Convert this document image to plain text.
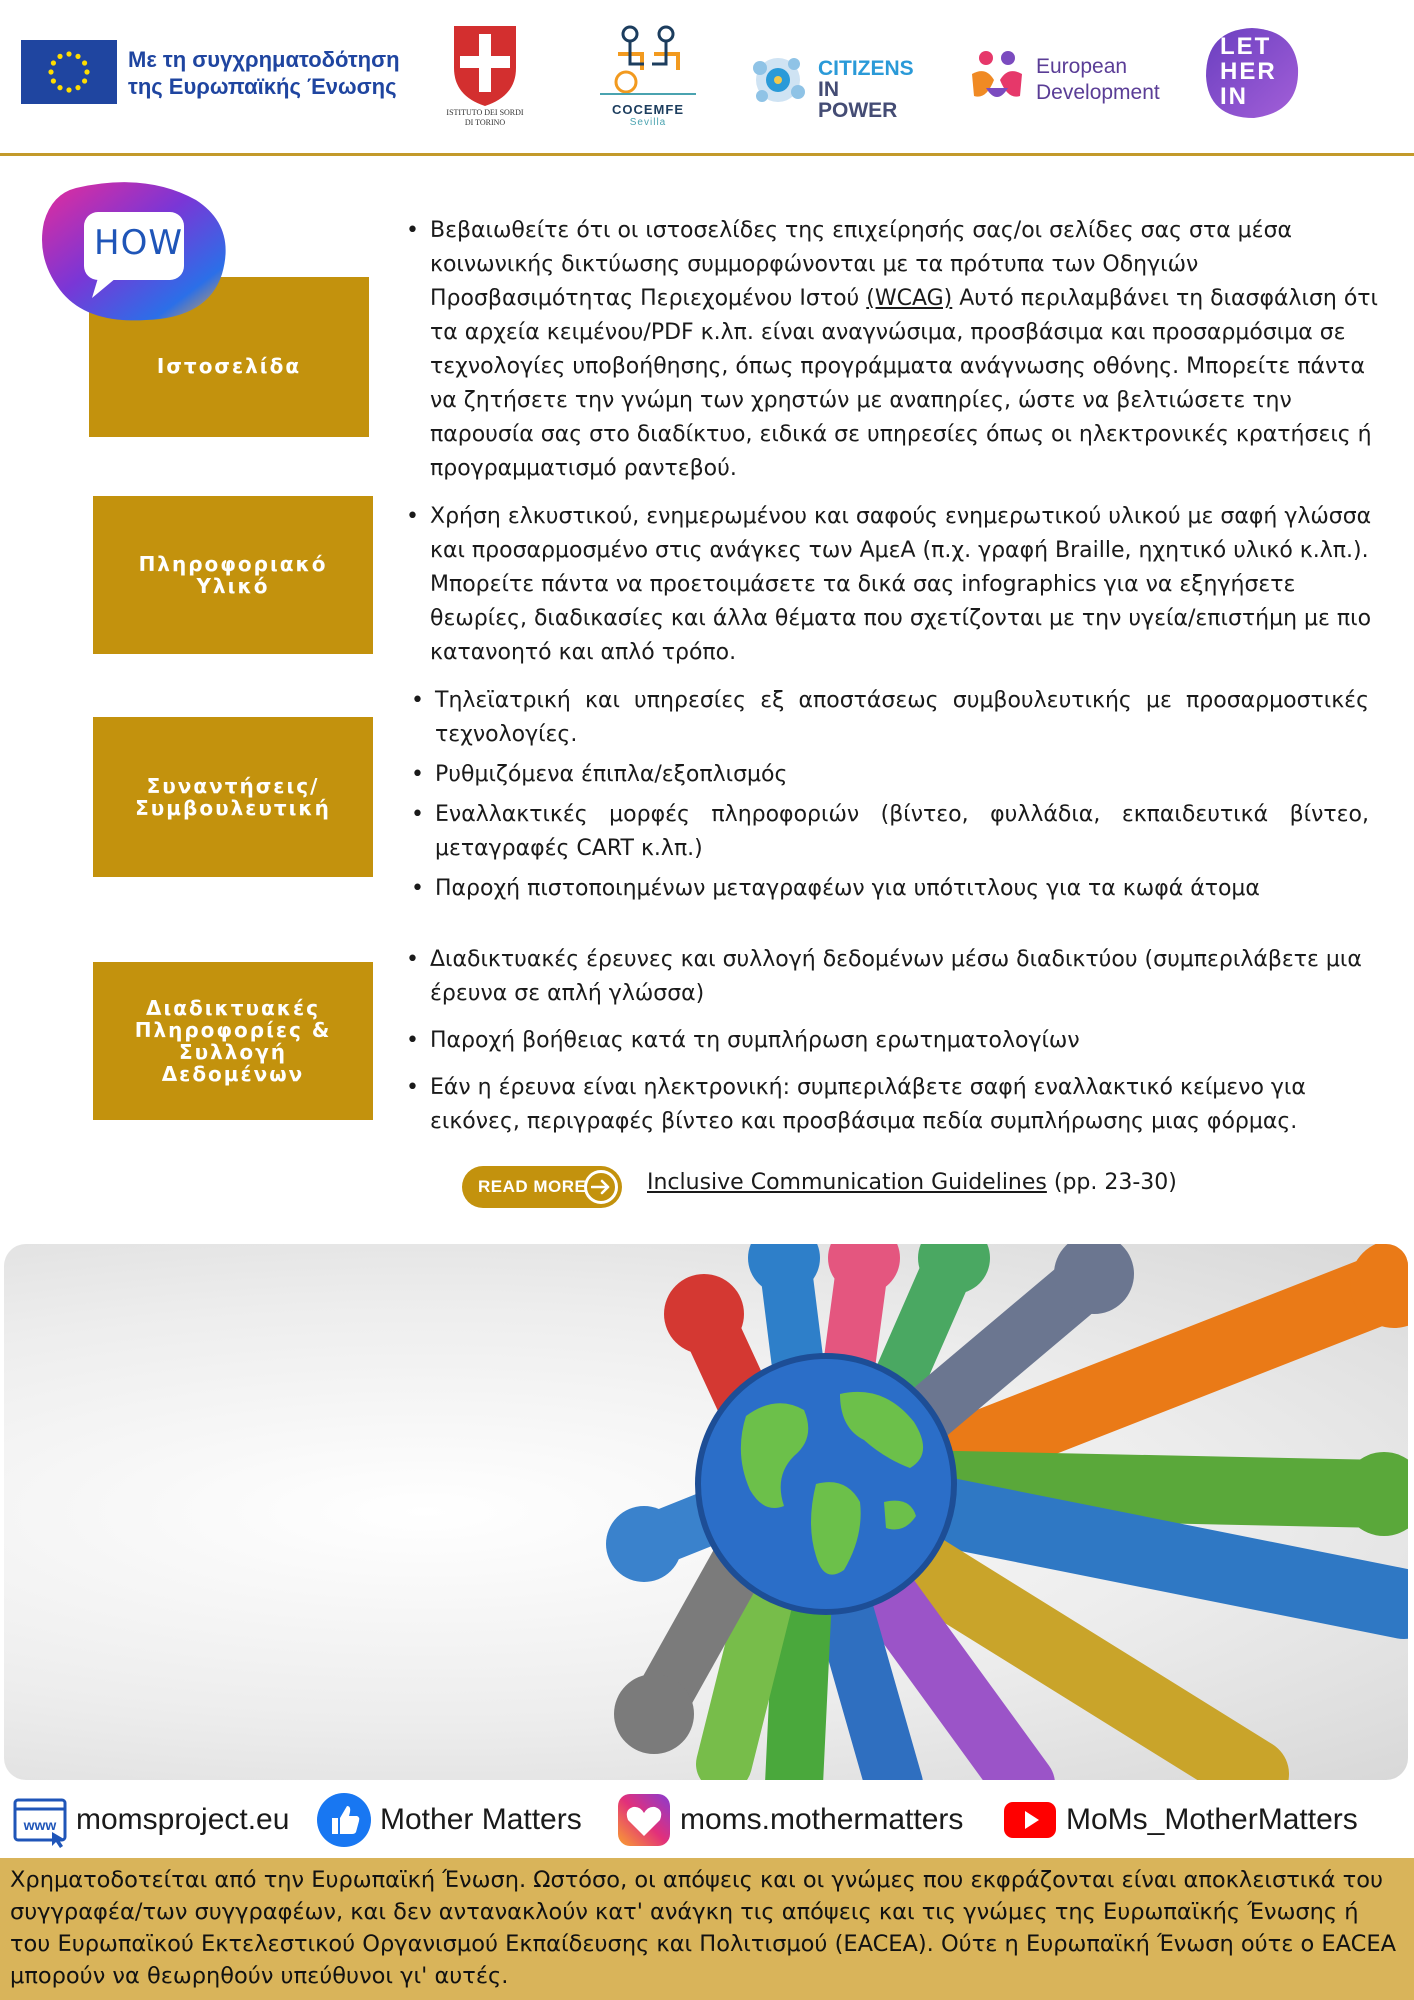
Με τη συγχρηματοδότηση
της Ευρωπαϊκής Ένωσης
ISTITUTO DEI SORDI
DI TORINO
COCEMFE
Sevilla
CITIZENS
IN POWER
European
Development
LET
HER
IN
HOW
Ιστοσελίδα
• Βεβαιωθείτε ότι οι ιστοσελίδες της επιχείρησής σας/οι σελίδες σας στα μέσα κοινωνικής δικτύωσης συμμορφώνονται με τα πρότυπα των Οδηγιών Προσβασιμότητας Περιεχομένου Ιστού (WCAG) Αυτό περιλαμβάνει τη διασφάλιση ότι τα αρχεία κειμένου/PDF κ.λπ. είναι αναγνώσιμα, προσβάσιμα και προσαρμόσιμα σε τεχνολογίες υποβοήθησης, όπως προγράμματα ανάγνωσης οθόνης. Μπορείτε πάντα να ζητήσετε την γνώμη των χρηστών με αναπηρίες, ώστε να βελτιώσετε την παρουσία σας στο διαδίκτυο, ειδικά σε υπηρεσίες όπως οι ηλεκτρονικές κρατήσεις ή προγραμματισμό ραντεβού.
Πληροφοριακό Υλικό
• Χρήση ελκυστικού, ενημερωμένου και σαφούς ενημερωτικού υλικού με σαφή γλώσσα και προσαρμοσμένο στις ανάγκες των ΑμεΑ (π.χ. γραφή Braille, ηχητικό υλικό κ.λπ.). Μπορείτε πάντα να προετοιμάσετε τα δικά σας infographics για να εξηγήσετε θεωρίες, διαδικασίες και άλλα θέματα που σχετίζονται με την υγεία/επιστήμη με πιο κατανοητό και απλό τρόπο.
Συναντήσεις/ Συμβουλευτική
• Τηλεϊατρική και υπηρεσίες εξ αποστάσεως συμβουλευτικής με προσαρμοστικές τεχνολογίες.
• Ρυθμιζόμενα έπιπλα/εξοπλισμός
• Εναλλακτικές μορφές πληροφοριών (βίντεο, φυλλάδια, εκπαιδευτικά βίντεο, μεταγραφές CART κ.λπ.)
• Παροχή πιστοποιημένων μεταγραφέων για υπότιτλους για τα κωφά άτομα
Διαδικτυακές Πληροφορίες & Συλλογή Δεδομένων
• Διαδικτυακές έρευνες και συλλογή δεδομένων μέσω διαδικτύου (συμπεριλάβετε μια έρευνα σε απλή γλώσσα)
• Παροχή βοήθειας κατά τη συμπλήρωση ερωτηματολογίων
• Εάν η έρευνα είναι ηλεκτρονική: συμπεριλάβετε σαφή εναλλακτικό κείμενο για εικόνες, περιγραφές βίντεο και προσβάσιμα πεδία συμπλήρωσης μιας φόρμας.
READ MORE	Inclusive Communication Guidelines (pp. 23-30)
www momsproject.eu	Mother Matters	moms.mothermatters	MoMs_MotherMatters
Χρηματοδοτείται από την Ευρωπαϊκή Ένωση. Ωστόσο, οι απόψεις και οι γνώμες που εκφράζονται είναι αποκλειστικά του συγγραφέα/των συγγραφέων, και δεν αντανακλούν κατ' ανάγκη τις απόψεις και τις γνώμες της Ευρωπαϊκής Ένωσης ή του Ευρωπαϊκού Εκτελεστικού Οργανισμού Εκπαίδευσης και Πολιτισμού (EACEA). Ούτε η Ευρωπαϊκή Ένωση ούτε ο EACEA μπορούν να θεωρηθούν υπεύθυνοι γι' αυτές.
